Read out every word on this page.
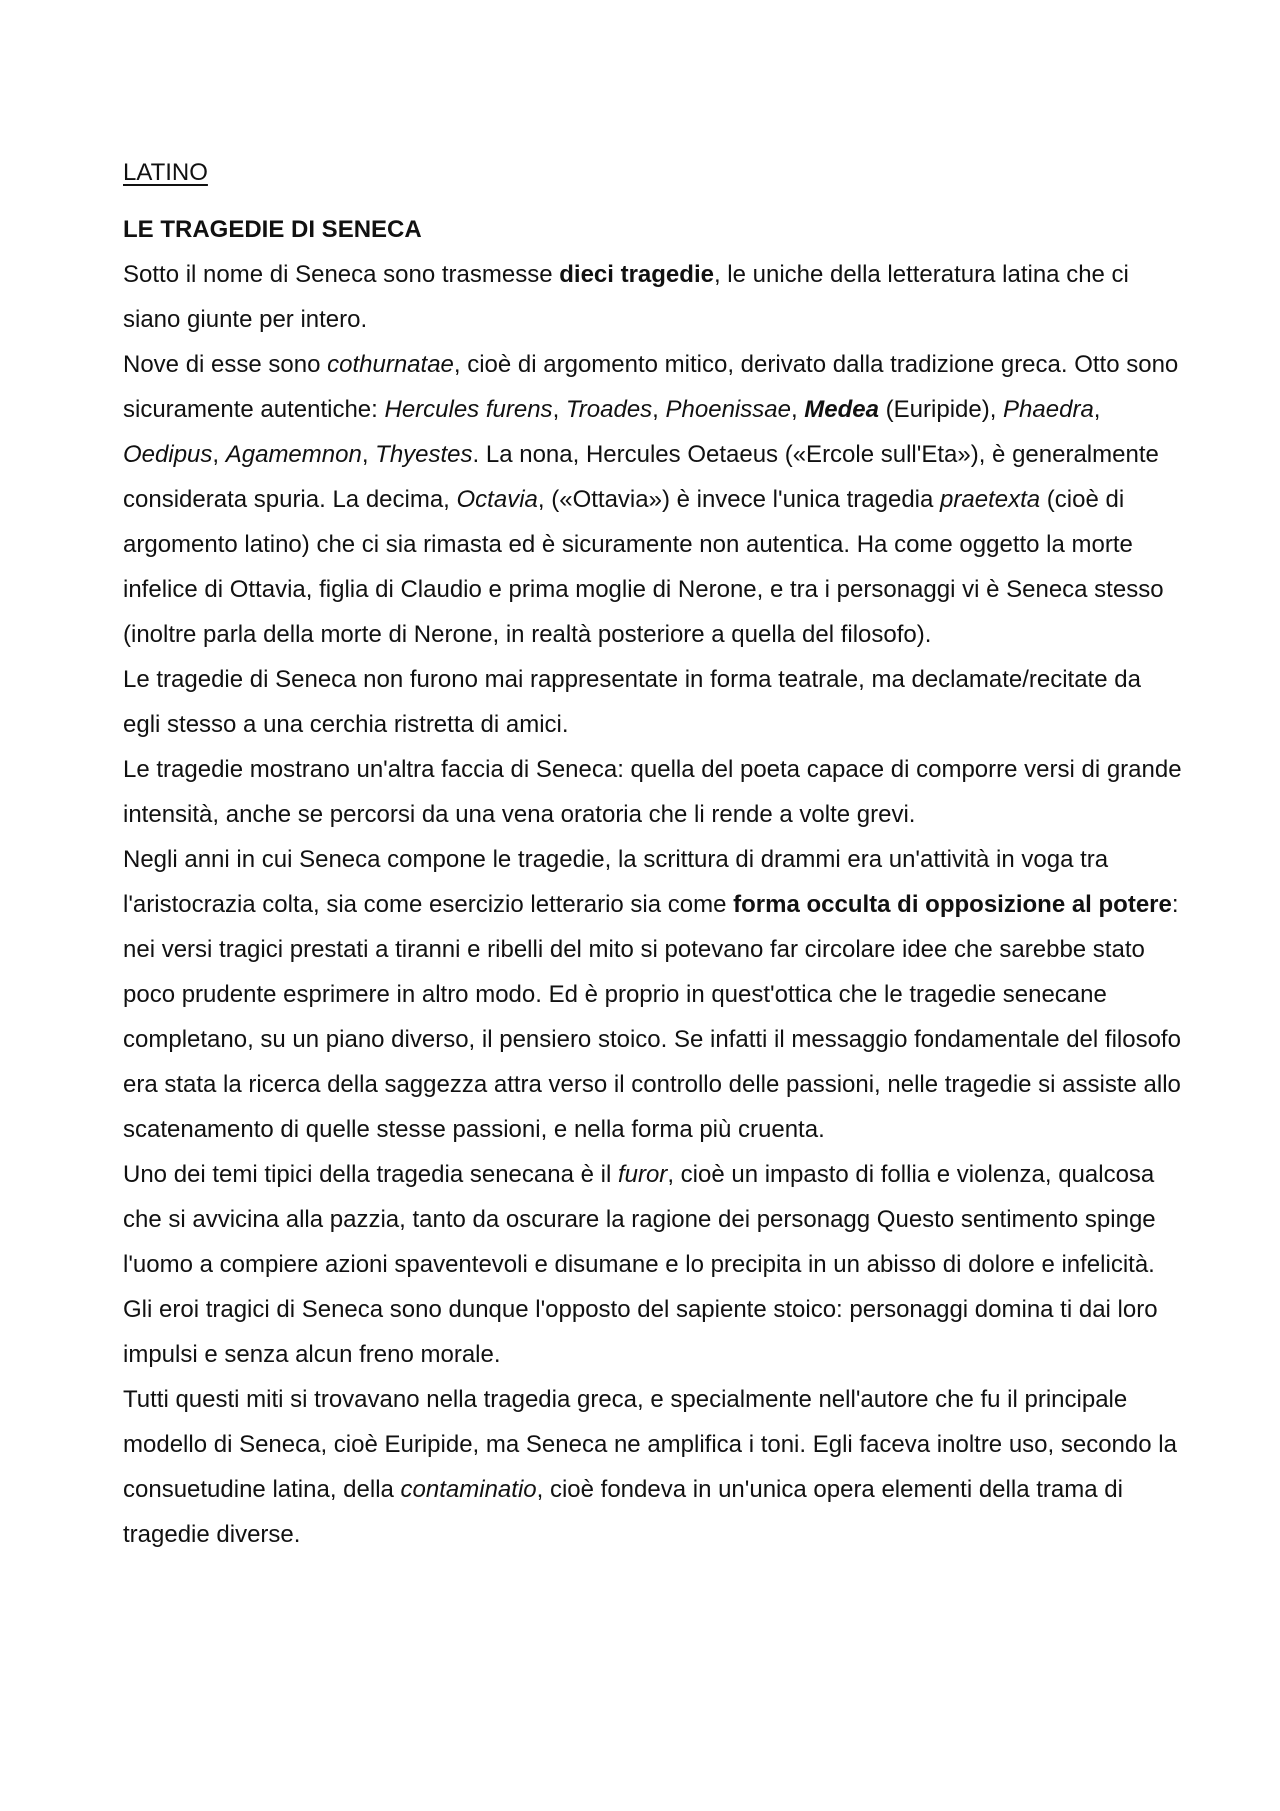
LATINO

LE TRAGEDIE DI SENECA

Sotto il nome di Seneca sono trasmesse dieci tragedie, le uniche della letteratura latina che ci siano giunte per intero.

Nove di esse sono cothurnatae, cioè di argomento mitico, derivato dalla tradizione greca. Otto sono sicuramente autentiche: Hercules furens, Troades, Phoenissae, Medea (Euripide), Phaedra, Oedipus, Agamemnon, Thyestes. La nona, Hercules Oetaeus («Ercole sull'Eta»), è generalmente considerata spuria. La decima, Octavia, («Ottavia») è invece l'unica tragedia praetexta (cioè di argomento latino) che ci sia rimasta ed è sicuramente non autentica. Ha come oggetto la morte infelice di Ottavia, figlia di Claudio e prima moglie di Nerone, e tra i personaggi vi è Seneca stesso (inoltre parla della morte di Nerone, in realtà posteriore a quella del filosofo).

Le tragedie di Seneca non furono mai rappresentate in forma teatrale, ma declamate/recitate da egli stesso a una cerchia ristretta di amici.

Le tragedie mostrano un'altra faccia di Seneca: quella del poeta capace di comporre versi di grande intensità, anche se percorsi da una vena oratoria che li rende a volte grevi.

Negli anni in cui Seneca compone le tragedie, la scrittura di drammi era un'attività in voga tra l'aristocrazia colta, sia come esercizio letterario sia come forma occulta di opposizione al potere: nei versi tragici prestati a tiranni e ribelli del mito si potevano far circolare idee che sarebbe stato poco prudente esprimere in altro modo. Ed è proprio in quest'ottica che le tragedie senecane completano, su un piano diverso, il pensiero stoico. Se infatti il messaggio fondamentale del filosofo era stata la ricerca della saggezza attra verso il controllo delle passioni, nelle tragedie si assiste allo scatenamento di quelle stesse passioni, e nella forma più cruenta.

Uno dei temi tipici della tragedia senecana è il furor, cioè un impasto di follia e violenza, qualcosa che si avvicina alla pazzia, tanto da oscurare la ragione dei personagg Questo sentimento spinge l'uomo a compiere azioni spaventevoli e disumane e lo precipita in un abisso di dolore e infelicità.

Gli eroi tragici di Seneca sono dunque l'opposto del sapiente stoico: personaggi domina ti dai loro impulsi e senza alcun freno morale.

Tutti questi miti si trovavano nella tragedia greca, e specialmente nell'autore che fu il principale modello di Seneca, cioè Euripide, ma Seneca ne amplifica i toni. Egli faceva inoltre uso, secondo la consuetudine latina, della contaminatio, cioè fondeva in un'unica opera elementi della trama di tragedie diverse.
